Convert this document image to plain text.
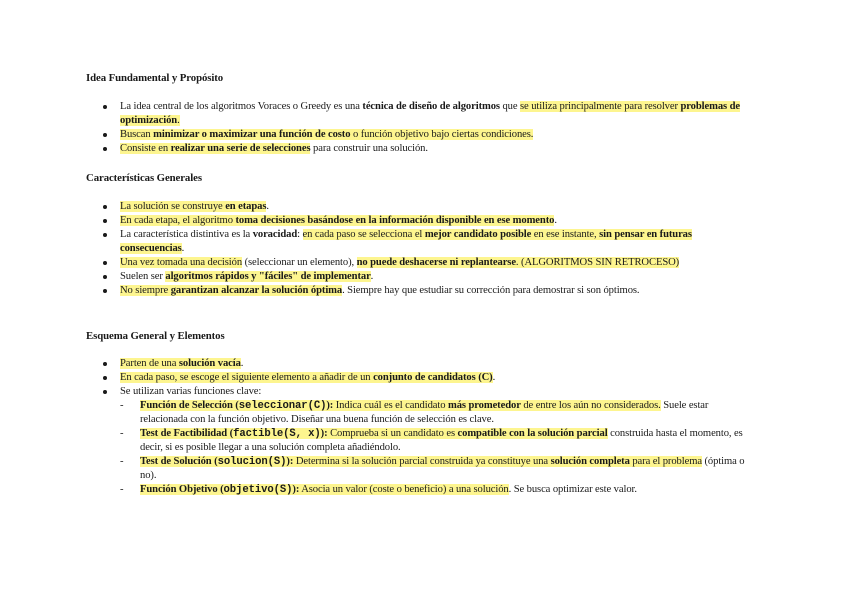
Idea Fundamental y Propósito
La idea central de los algoritmos Voraces o Greedy es una técnica de diseño de algoritmos que se utiliza principalmente para resolver problemas de optimización.
Buscan minimizar o maximizar una función de costo o función objetivo bajo ciertas condiciones.
Consiste en realizar una serie de selecciones para construir una solución.
Características Generales
La solución se construye en etapas.
En cada etapa, el algoritmo toma decisiones basándose en la información disponible en ese momento.
La característica distintiva es la voracidad: en cada paso se selecciona el mejor candidato posible en ese instante, sin pensar en futuras consecuencias.
Una vez tomada una decisión (seleccionar un elemento), no puede deshacerse ni replantearse. (ALGORITMOS SIN RETROCESO)
Suelen ser algoritmos rápidos y "fáciles" de implementar.
No siempre garantizan alcanzar la solución óptima. Siempre hay que estudiar su corrección para demostrar si son óptimos.
Esquema General y Elementos
Parten de una solución vacía.
En cada paso, se escoge el siguiente elemento a añadir de un conjunto de candidatos (C).
Se utilizan varias funciones clave:
- Función de Selección (seleccionar(C)): Indica cuál es el candidato más prometedor de entre los aún no considerados. Suele estar relacionada con la función objetivo. Diseñar una buena función de selección es clave.
- Test de Factibilidad (factible(S, x)): Comprueba si un candidato es compatible con la solución parcial construida hasta el momento, es decir, si es posible llegar a una solución completa añadiéndolo.
- Test de Solución (solucion(S)): Determina si la solución parcial construida ya constituye una solución completa para el problema (óptima o no).
- Función Objetivo (objetivo(S)): Asocia un valor (coste o beneficio) a una solución. Se busca optimizar este valor.
